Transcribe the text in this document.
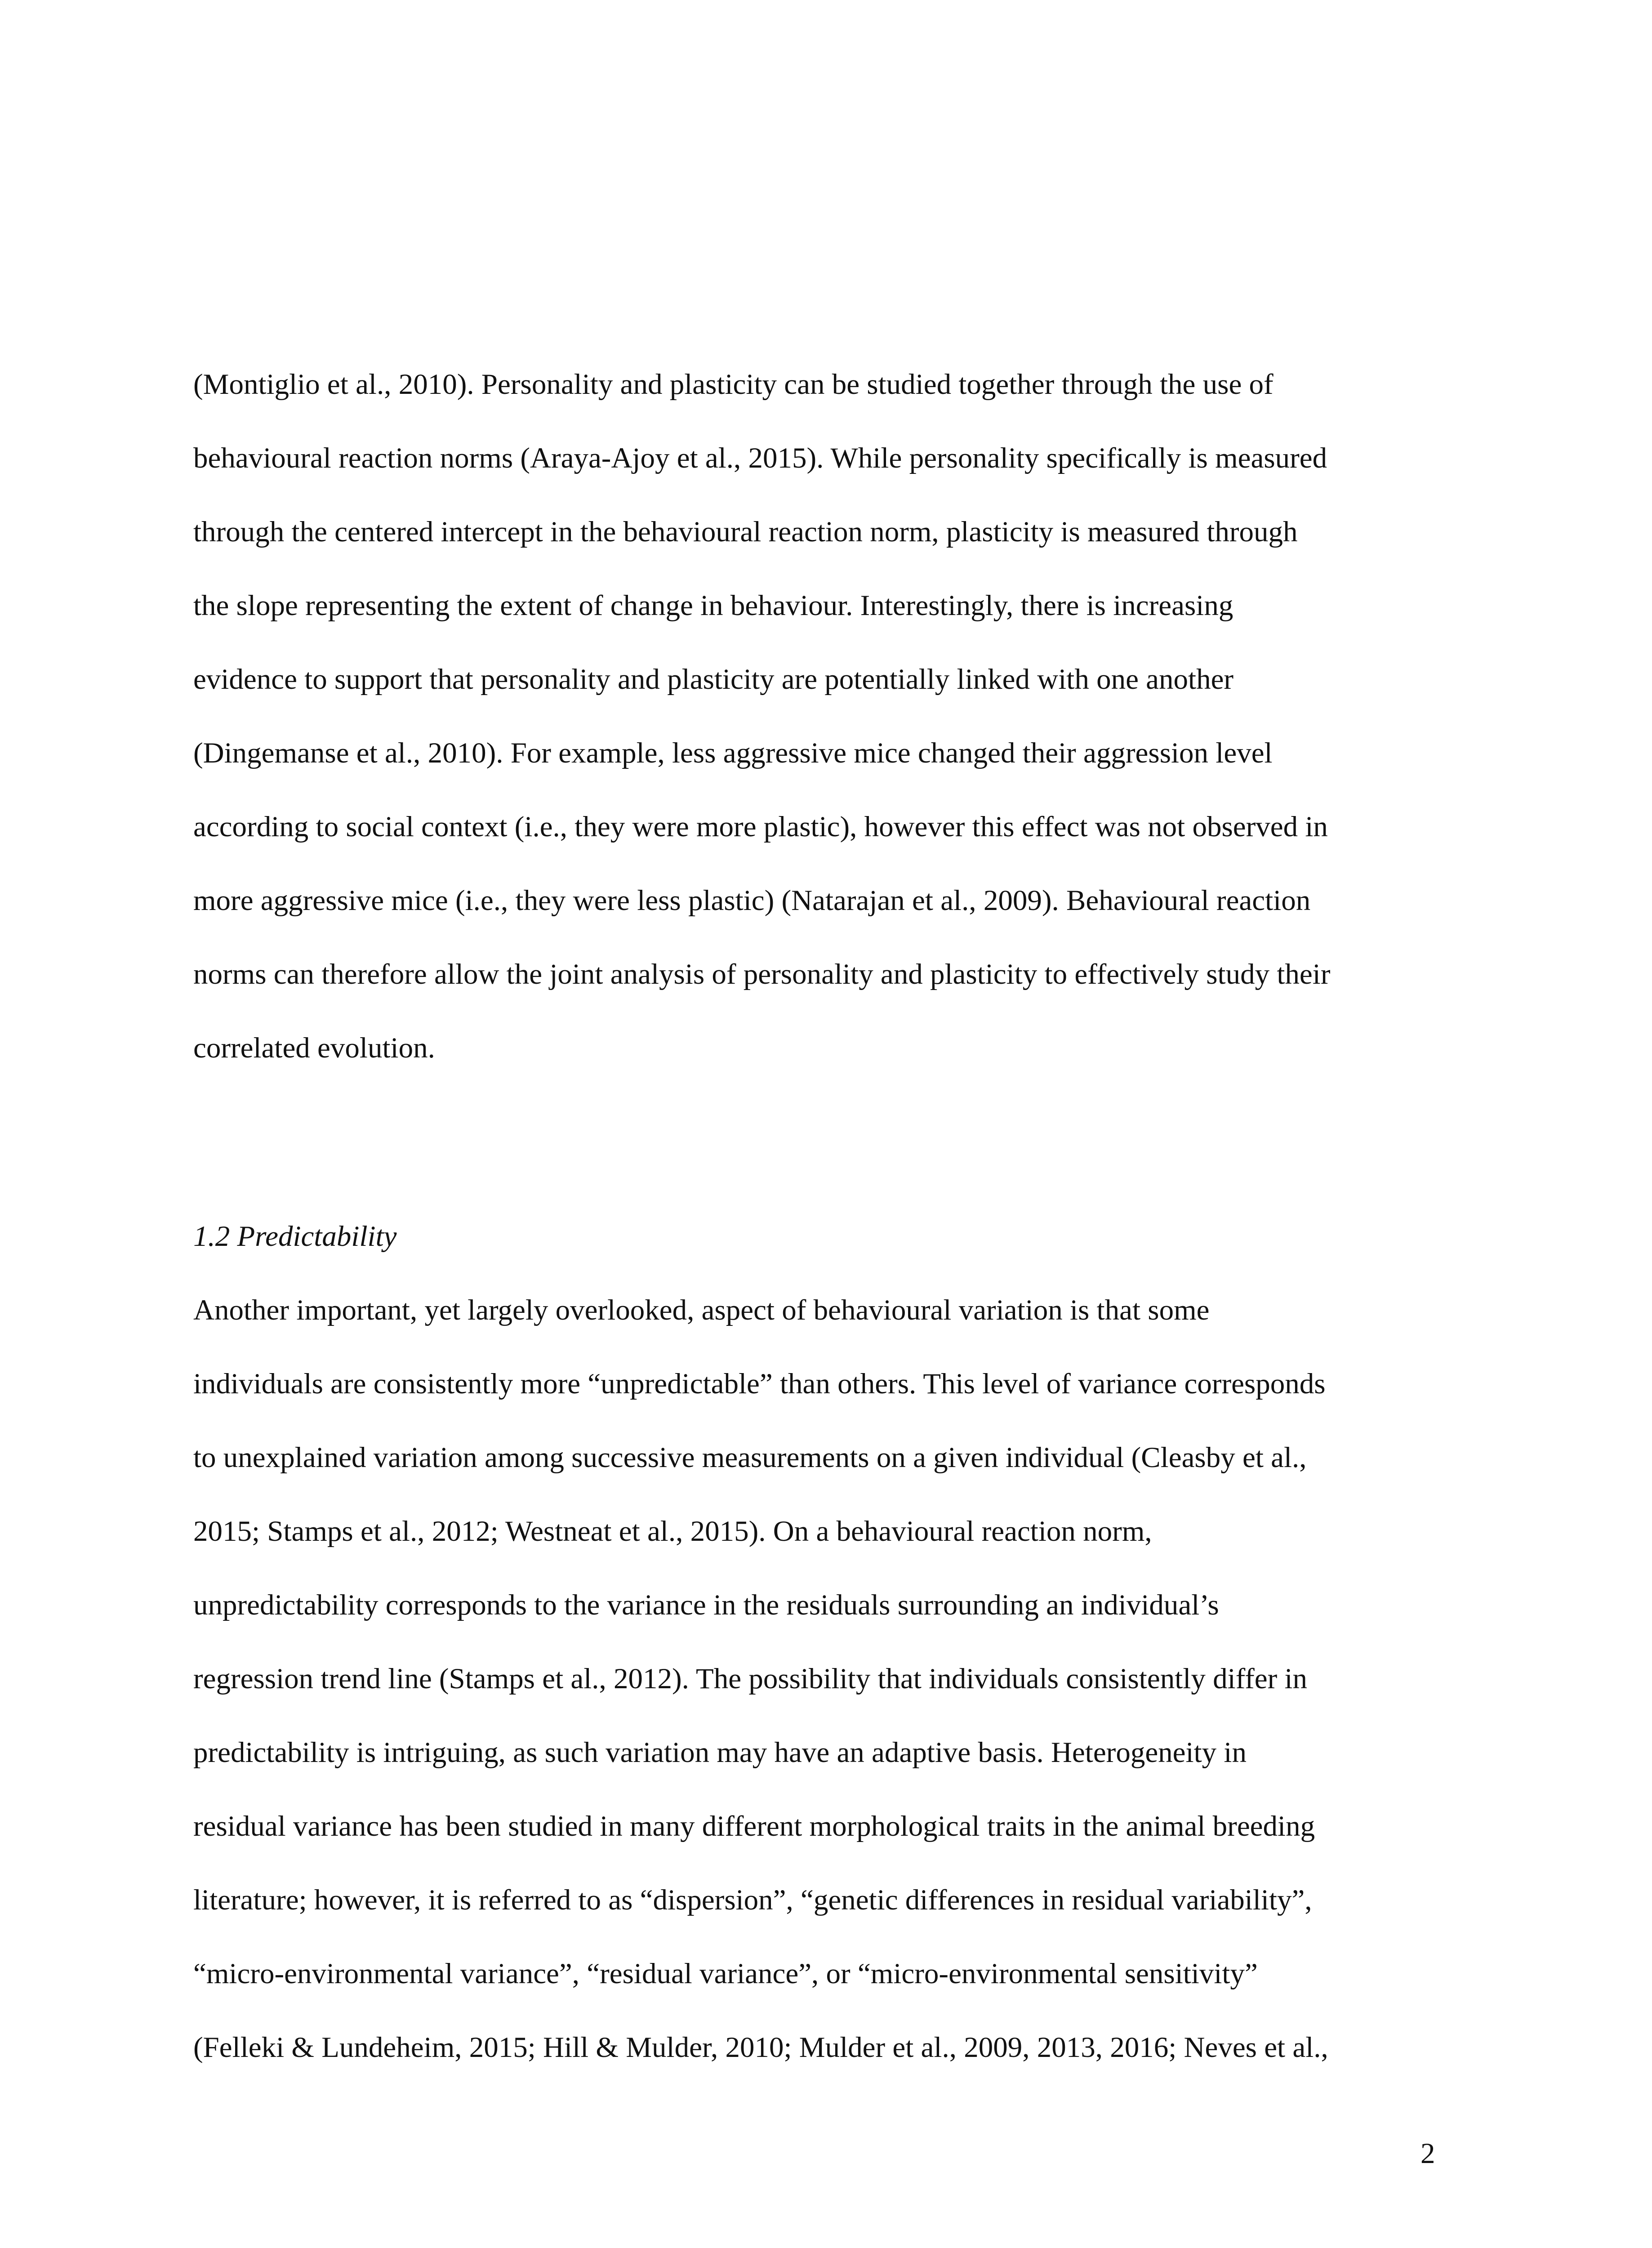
(Montiglio et al., 2010). Personality and plasticity can be studied together through the use of

behavioural reaction norms (Araya-Ajoy et al., 2015). While personality specifically is measured

through the centered intercept in the behavioural reaction norm, plasticity is measured through

the slope representing the extent of change in behaviour. Interestingly, there is increasing

evidence to support that personality and plasticity are potentially linked with one another

(Dingemanse et al., 2010). For example, less aggressive mice changed their aggression level

according to social context (i.e., they were more plastic), however this effect was not observed in

more aggressive mice (i.e., they were less plastic) (Natarajan et al., 2009). Behavioural reaction

norms can therefore allow the joint analysis of personality and plasticity to effectively study their

correlated evolution.

1.2 Predictability

Another important, yet largely overlooked, aspect of behavioural variation is that some

individuals are consistently more “unpredictable” than others. This level of variance corresponds

to unexplained variation among successive measurements on a given individual (Cleasby et al.,

2015; Stamps et al., 2012; Westneat et al., 2015). On a behavioural reaction norm,

unpredictability corresponds to the variance in the residuals surrounding an individual’s

regression trend line (Stamps et al., 2012). The possibility that individuals consistently differ in

predictability is intriguing, as such variation may have an adaptive basis. Heterogeneity in

residual variance has been studied in many different morphological traits in the animal breeding

literature; however, it is referred to as “dispersion”, “genetic differences in residual variability”,

“micro-environmental variance”, “residual variance”, or “micro-environmental sensitivity”

(Felleki & Lundeheim, 2015; Hill & Mulder, 2010; Mulder et al., 2009, 2013, 2016; Neves et al.,

2
